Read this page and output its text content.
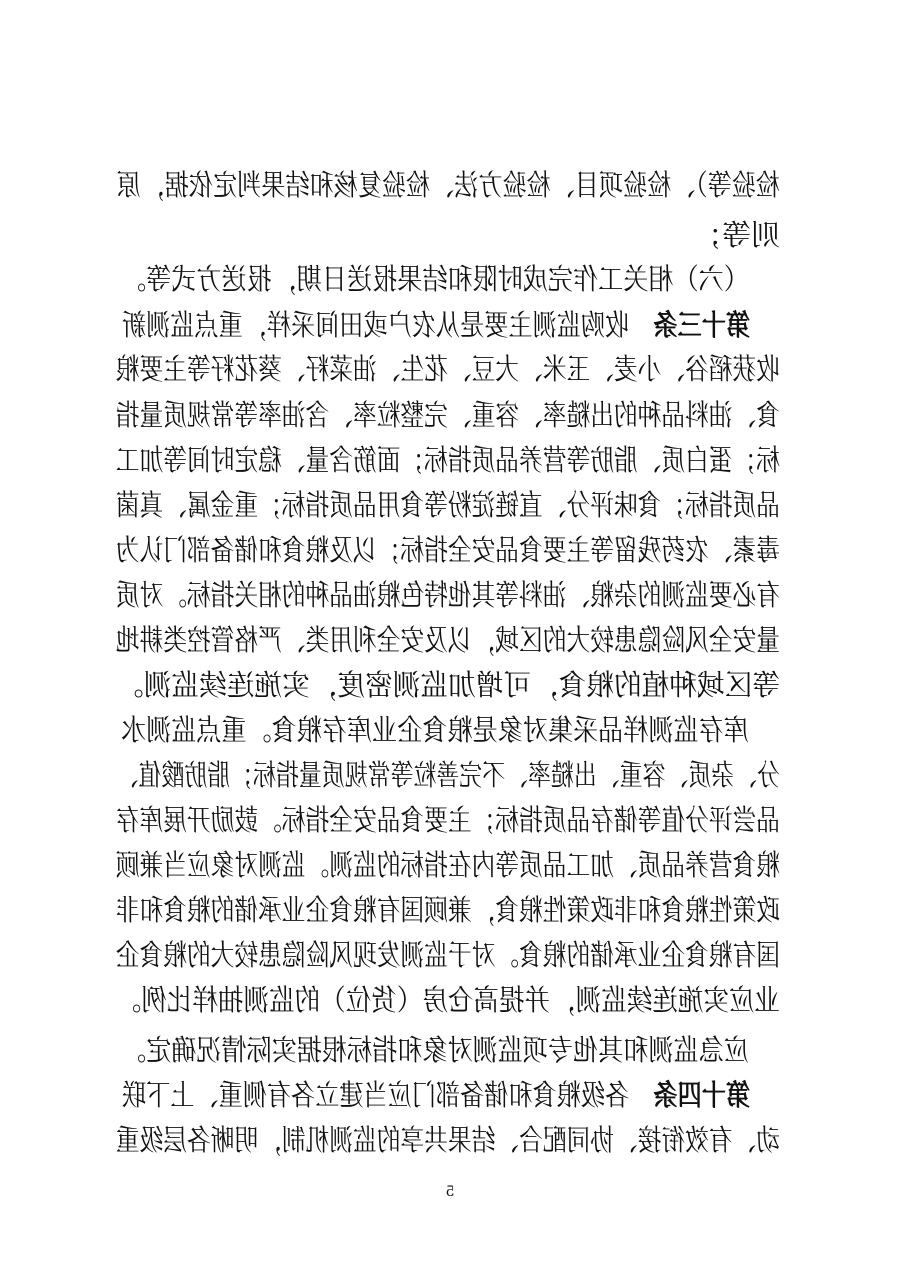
检验等）、检验项目、检验方法、检验复核和结果判定依据，原
则等；
（六）相关工作完成时限和结果报送日期，报送方式等。
第十三条 收购监测主要是从农户或田间采样，重点监测新
收获稻谷、小麦、玉米、大豆、花生、油菜籽、葵花籽等主要粮
食、油料品种的出糙率、容重、完整粒率、含油率等常规质量指
标；蛋白质、脂肪等营养品质指标；面筋含量、稳定时间等加工
品质指标；食味评分、直链淀粉等食用品质指标；重金属、真菌
毒素、农药残留等主要食品安全指标；以及粮食和储备部门认为
有必要监测的杂粮、油料等其他特色粮油品种的相关指标。对质
量安全风险隐患较大的区域，以及安全利用类、严格管控类耕地
等区域种植的粮食，可增加监测密度，实施连续监测。
库存监测样品采集对象是粮食企业库存粮食。重点监测水
分、杂质、容重、出糙率、不完善粒等常规质量指标；脂肪酸值、
品尝评分值等储存品质指标；主要食品安全指标。鼓励开展库存
粮食营养品质、加工品质等内在指标的监测。监测对象应当兼顾
政策性粮食和非政策性粮食，兼顾国有粮食企业承储的粮食和非
国有粮食企业承储的粮食。对于监测发现风险隐患较大的粮食企
业应实施连续监测，并提高仓房（货位）的监测抽样比例。
应急监测和其他专项监测对象和指标根据实际情况确定。
第十四条 各级粮食和储备部门应当建立各有侧重、上下联
动、有效衔接、协同配合、结果共享的监测机制，明晰各层级重
5
